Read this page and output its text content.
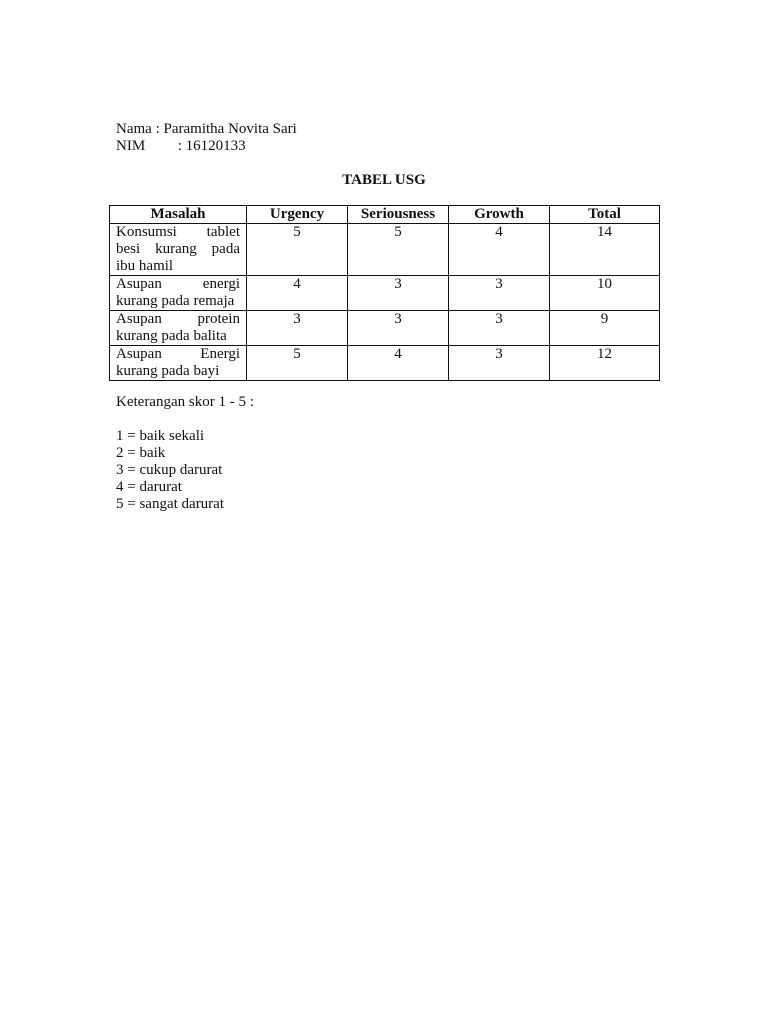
Nama : Paramitha Novita Sari
NIM : 16120133
TABEL USG
Masalah	Urgency	Seriousness	Growth	Total
Konsumsi tablet besi kurang pada ibu hamil	5	5	4	14
Asupan energi kurang pada remaja	4	3	3	10
Asupan protein kurang pada balita	3	3	3	9
Asupan Energi kurang pada bayi	5	4	3	12
Keterangan skor 1 - 5 :
1 = baik sekali
2 = baik
3 = cukup darurat
4 = darurat
5 = sangat darurat
